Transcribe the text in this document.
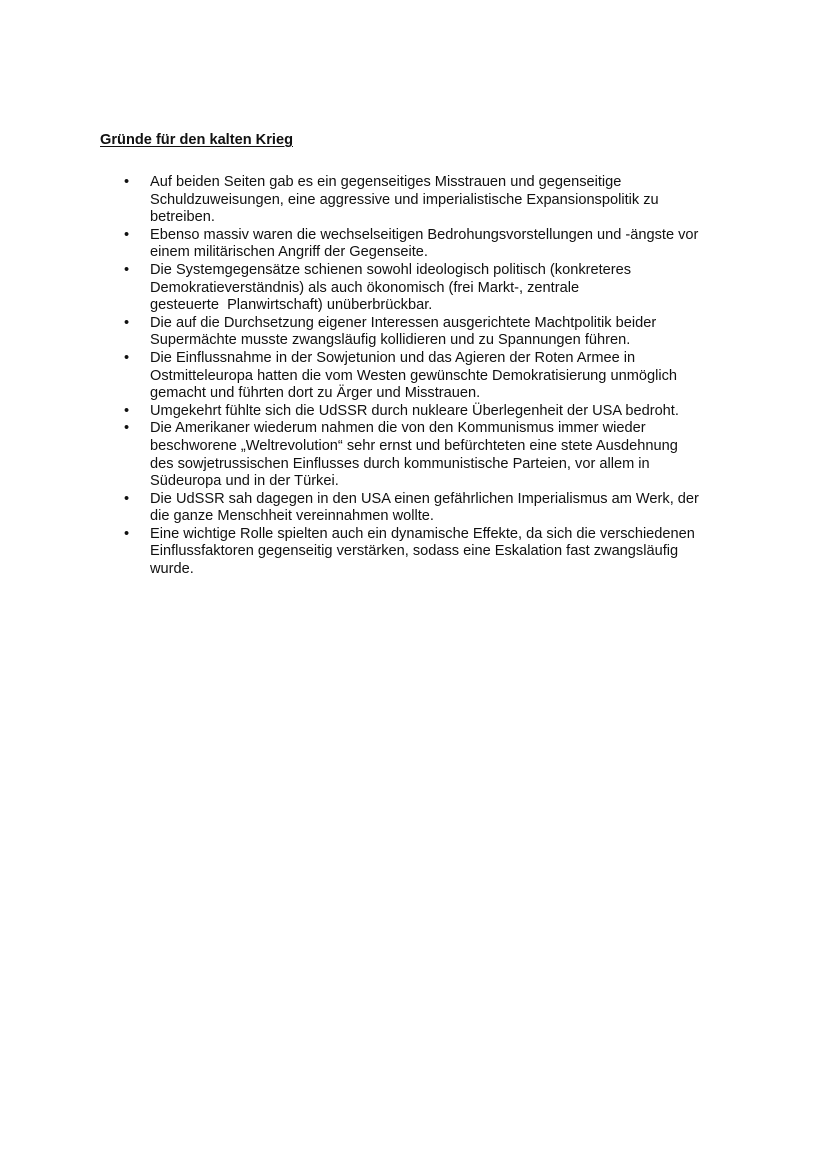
Gründe für den kalten Krieg
• Auf beiden Seiten gab es ein gegenseitiges Misstrauen und gegenseitige
Schuldzuweisungen, eine aggressive und imperialistische Expansionspolitik zu
betreiben.
• Ebenso massiv waren die wechselseitigen Bedrohungsvorstellungen und -ängste vor
einem militärischen Angriff der Gegenseite.
• Die Systemgegensätze schienen sowohl ideologisch politisch (konkreteres
Demokratieverständnis) als auch ökonomisch (frei Markt-, zentrale
gesteuerte  Planwirtschaft) unüberbrückbar.
• Die auf die Durchsetzung eigener Interessen ausgerichtete Machtpolitik beider
Supermächte musste zwangsläufig kollidieren und zu Spannungen führen.
• Die Einflussnahme in der Sowjetunion und das Agieren der Roten Armee in
Ostmitteleuropa hatten die vom Westen gewünschte Demokratisierung unmöglich
gemacht und führten dort zu Ärger und Misstrauen.
• Umgekehrt fühlte sich die UdSSR durch nukleare Überlegenheit der USA bedroht.
• Die Amerikaner wiederum nahmen die von den Kommunismus immer wieder
beschworene „Weltrevolution“ sehr ernst und befürchteten eine stete Ausdehnung
des sowjetrussischen Einflusses durch kommunistische Parteien, vor allem in
Südeuropa und in der Türkei.
• Die UdSSR sah dagegen in den USA einen gefährlichen Imperialismus am Werk, der
die ganze Menschheit vereinnahmen wollte.
• Eine wichtige Rolle spielten auch ein dynamische Effekte, da sich die verschiedenen
Einflussfaktoren gegenseitig verstärken, sodass eine Eskalation fast zwangsläufig
wurde.
